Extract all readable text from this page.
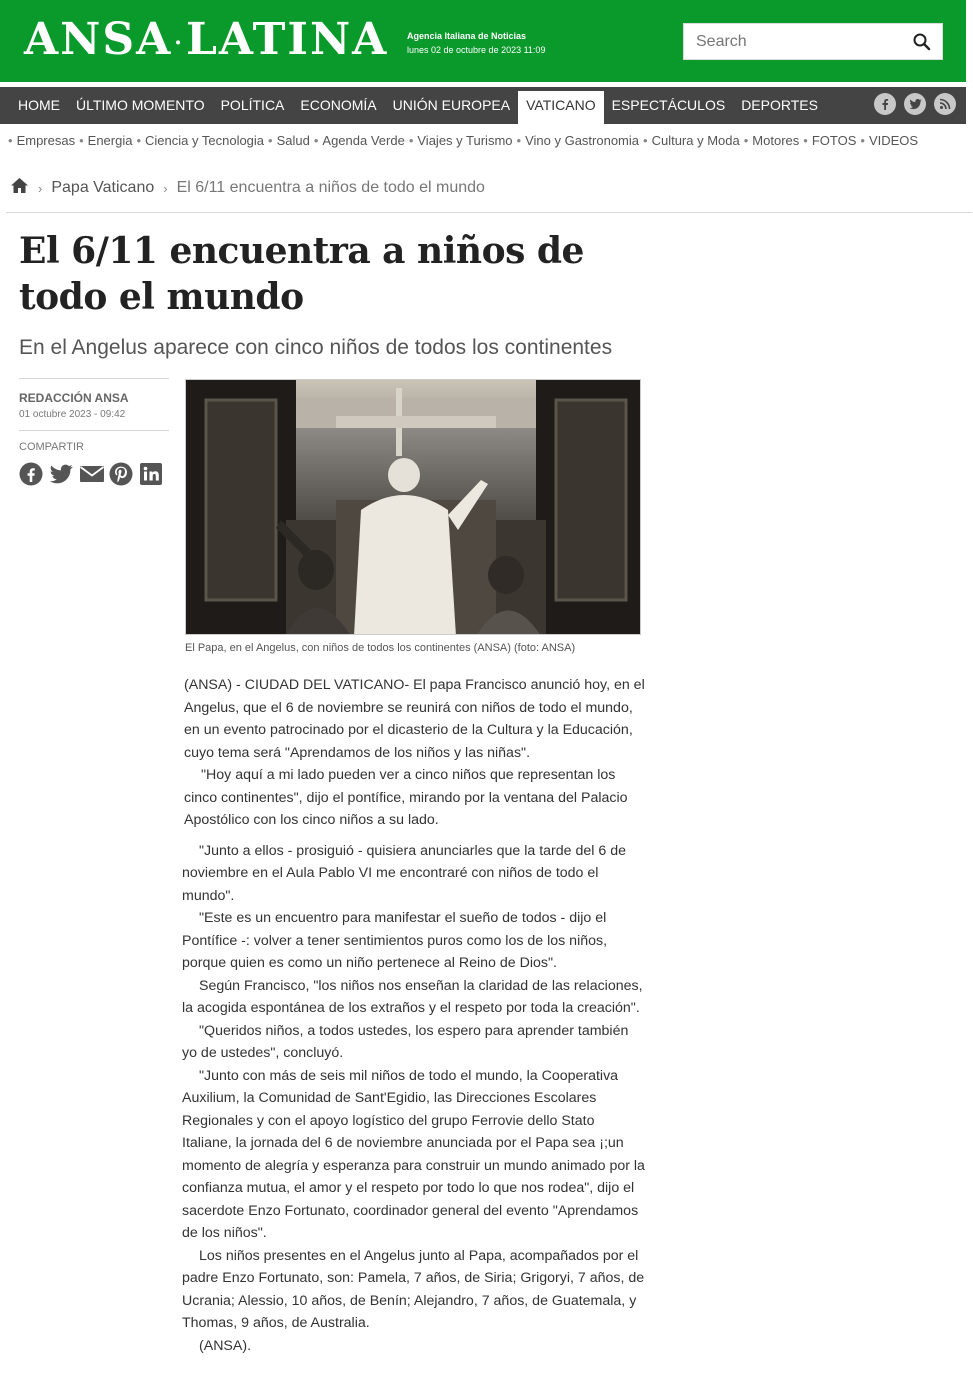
ANSA·LATINA Agencia Italiana de Noticias
lunes 02 de octubre de 2023 11:09
Search
HOME	ÚLTIMO MOMENTO	POLÍTICA	ECONOMÍA	UNIÓN EUROPEA	VATICANO	ESPECTÁCULOS	DEPORTES
• Empresas • Energia • Ciencia y Tecnologia • Salud • Agenda Verde • Viajes y Turismo • Vino y Gastronomia • Cultura y Moda • Motores • FOTOS • VIDEOS
› Papa Vaticano › El 6/11 encuentra a niños de todo el mundo
El 6/11 encuentra a niños de todo el mundo
En el Angelus aparece con cinco niños de todos los continentes
REDACCIÓN ANSA
01 octubre 2023 - 09:42
COMPARTIR
El Papa, en el Angelus, con niños de todos los continentes (ANSA) (foto: ANSA)

(ANSA) - CIUDAD DEL VATICANO- El papa Francisco anunció hoy, en el Angelus, que el 6 de noviembre se reunirá con niños de todo el mundo, en un evento patrocinado por el dicasterio de la Cultura y la Educación, cuyo tema será "Aprendamos de los niños y las niñas".

"Hoy aquí a mi lado pueden ver a cinco niños que representan los cinco continentes", dijo el pontífice, mirando por la ventana del Palacio Apostólico con los cinco niños a su lado.

"Junto a ellos - prosiguió - quisiera anunciarles que la tarde del 6 de noviembre en el Aula Pablo VI me encontraré con niños de todo el mundo".

"Este es un encuentro para manifestar el sueño de todos - dijo el Pontífice -: volver a tener sentimientos puros como los de los niños, porque quien es como un niño pertenece al Reino de Dios".

Según Francisco, "los niños nos enseñan la claridad de las relaciones, la acogida espontánea de los extraños y el respeto por toda la creación".

"Queridos niños, a todos ustedes, los espero para aprender también yo de ustedes", concluyó.

"Junto con más de seis mil niños de todo el mundo, la Cooperativa Auxilium, la Comunidad de Sant'Egidio, las Direcciones Escolares Regionales y con el apoyo logístico del grupo Ferrovie dello Stato Italiane, la jornada del 6 de noviembre anunciada por el Papa sea ¡;un momento de alegría y esperanza para construir un mundo animado por la confianza mutua, el amor y el respeto por todo lo que nos rodea", dijo el sacerdote Enzo Fortunato, coordinador general del evento "Aprendamos de los niños".

Los niños presentes en el Angelus junto al Papa, acompañados por el padre Enzo Fortunato, son: Pamela, 7 años, de Siria; Grigoryi, 7 años, de Ucrania; Alessio, 10 años, de Benín; Alejandro, 7 años, de Guatemala, y Thomas, 9 años, de Australia.

(ANSA).
